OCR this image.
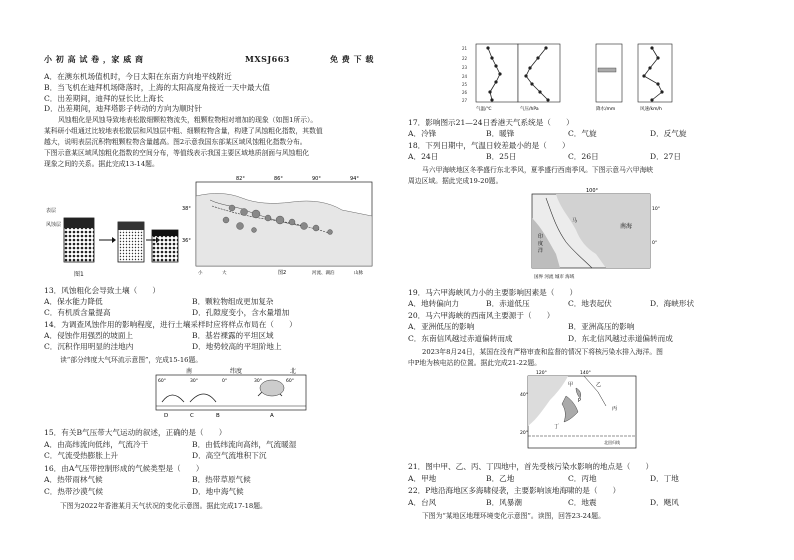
小 初 高 试 卷 ，家 威 商	MXSJ663	免 费 下 载
A．在澳东机场值机时，今日太阳在东南方向地平线附近
B．当飞机在迪拜机场降落时，上海的太阳高度角接近一天中最大值
C．出差期间，迪拜的昼长比上海长
D．出差期间，迪拜塔影子转动的方向为顺时针
风蚀粗化是风蚀导致地表松散细颗粒物流失，粗颗粒物相对增加的现象（如图1所示）。
某科研小组通过比较地表松散层和风蚀层中粗、细颗粒物含量，构建了风蚀粗化指数，其数值
越大，说明表层沉积物粗颗粒物含量越高。图2示意我国东部某区域风蚀粗化指数分布。
下图示意某区域风蚀粗化指数的空间分布，等值线表示我国主要区域地质剖面与风蚀粗化
现象之间的关系。据此完成13-14题。
图1
表层
风蚀层
82°	86°	90°	94°
38°
36°
小	大	图2	河流、湖泊	山脉
13．风蚀粗化会导致土壤（　　）
A．保水能力降低	B．颗粒物组成更加复杂
C．有机质含量提高	D．孔隙度变小，含水量增加
14．为调查风蚀作用的影响程度，进行土壤采样时应将样点布局在（　　）
A．侵蚀作用强烈的坡面上	B．基岩裸露的平坦区域
C．沉积作用明显的洼地内	D．地势较高的平坦阶地上
读“部分纬度大气环流示意图”，完成15-16题。
南	纬度	北
60°	30°	0°	30°	60°
D	C	B	A
15．有关B气压带大气运动的叙述，正确的是（　　）
A．由高纬流向低纬，气流冷干	B．由低纬流向高纬，气流暖湿
C．气流受热膨胀上升	D．高空气流堆积下沉
16．由A气压带控制形成的气候类型是（　　）
A．热带雨林气候	B．热带草原气候
C．热带沙漠气候	D．地中海气候
下图为2022年香港某月天气状况的变化示意图。据此完成17-18题。
气温/℃	气压/hPa	降水/mm	风速/km/h
21
22
23
24
25
26
27
17．影响图示21—24日香港天气系统是（　　）
A．冷锋	B．暖锋	C．气旋	D．反气旋
18．下列日期中，气温日较差最小的是（　　）
A．24日	B．25日	C．26日	D．27日
马六甲海峡地区冬季盛行东北季风，夏季盛行西南季风。下图示意马六甲海峡
周边区域。据此完成19-20题。
100°
10°
0°
南海
马
印
度
洋
国界 河流 城市 海域
19．马六甲海峡风力小的主要影响因素是（　　）
A．地转偏向力	B．赤道低压	C．地表起伏	D．海峡形状
20．马六甲海峡的西南风主要源于（　　）
A．亚洲低压的影响	B．亚洲高压的影响
C．东南信风越过赤道偏转而成	D．东北信风越过赤道偏转而成
2023年8月24日，某国在没有严格审查和监督的情况下将核污染水排入海洋。图
中P地为核电站的位置。据此完成21-22题。
120°	140°
40°
20°
甲	乙
丙
丁
P
北回归线
21．图中甲、乙、丙、丁四地中，首先受核污染水影响的地点是（　　）
A．甲地	B．乙地	C．丙地	D．丁地
22．P地沿海地区多海啸侵袭，主要影响该地海啸的是（　　）
A．台风	B．风暴潮	C．地震	D．飓风
下图为“某地区地理环境变化示意图”。读图，回答23-24题。
